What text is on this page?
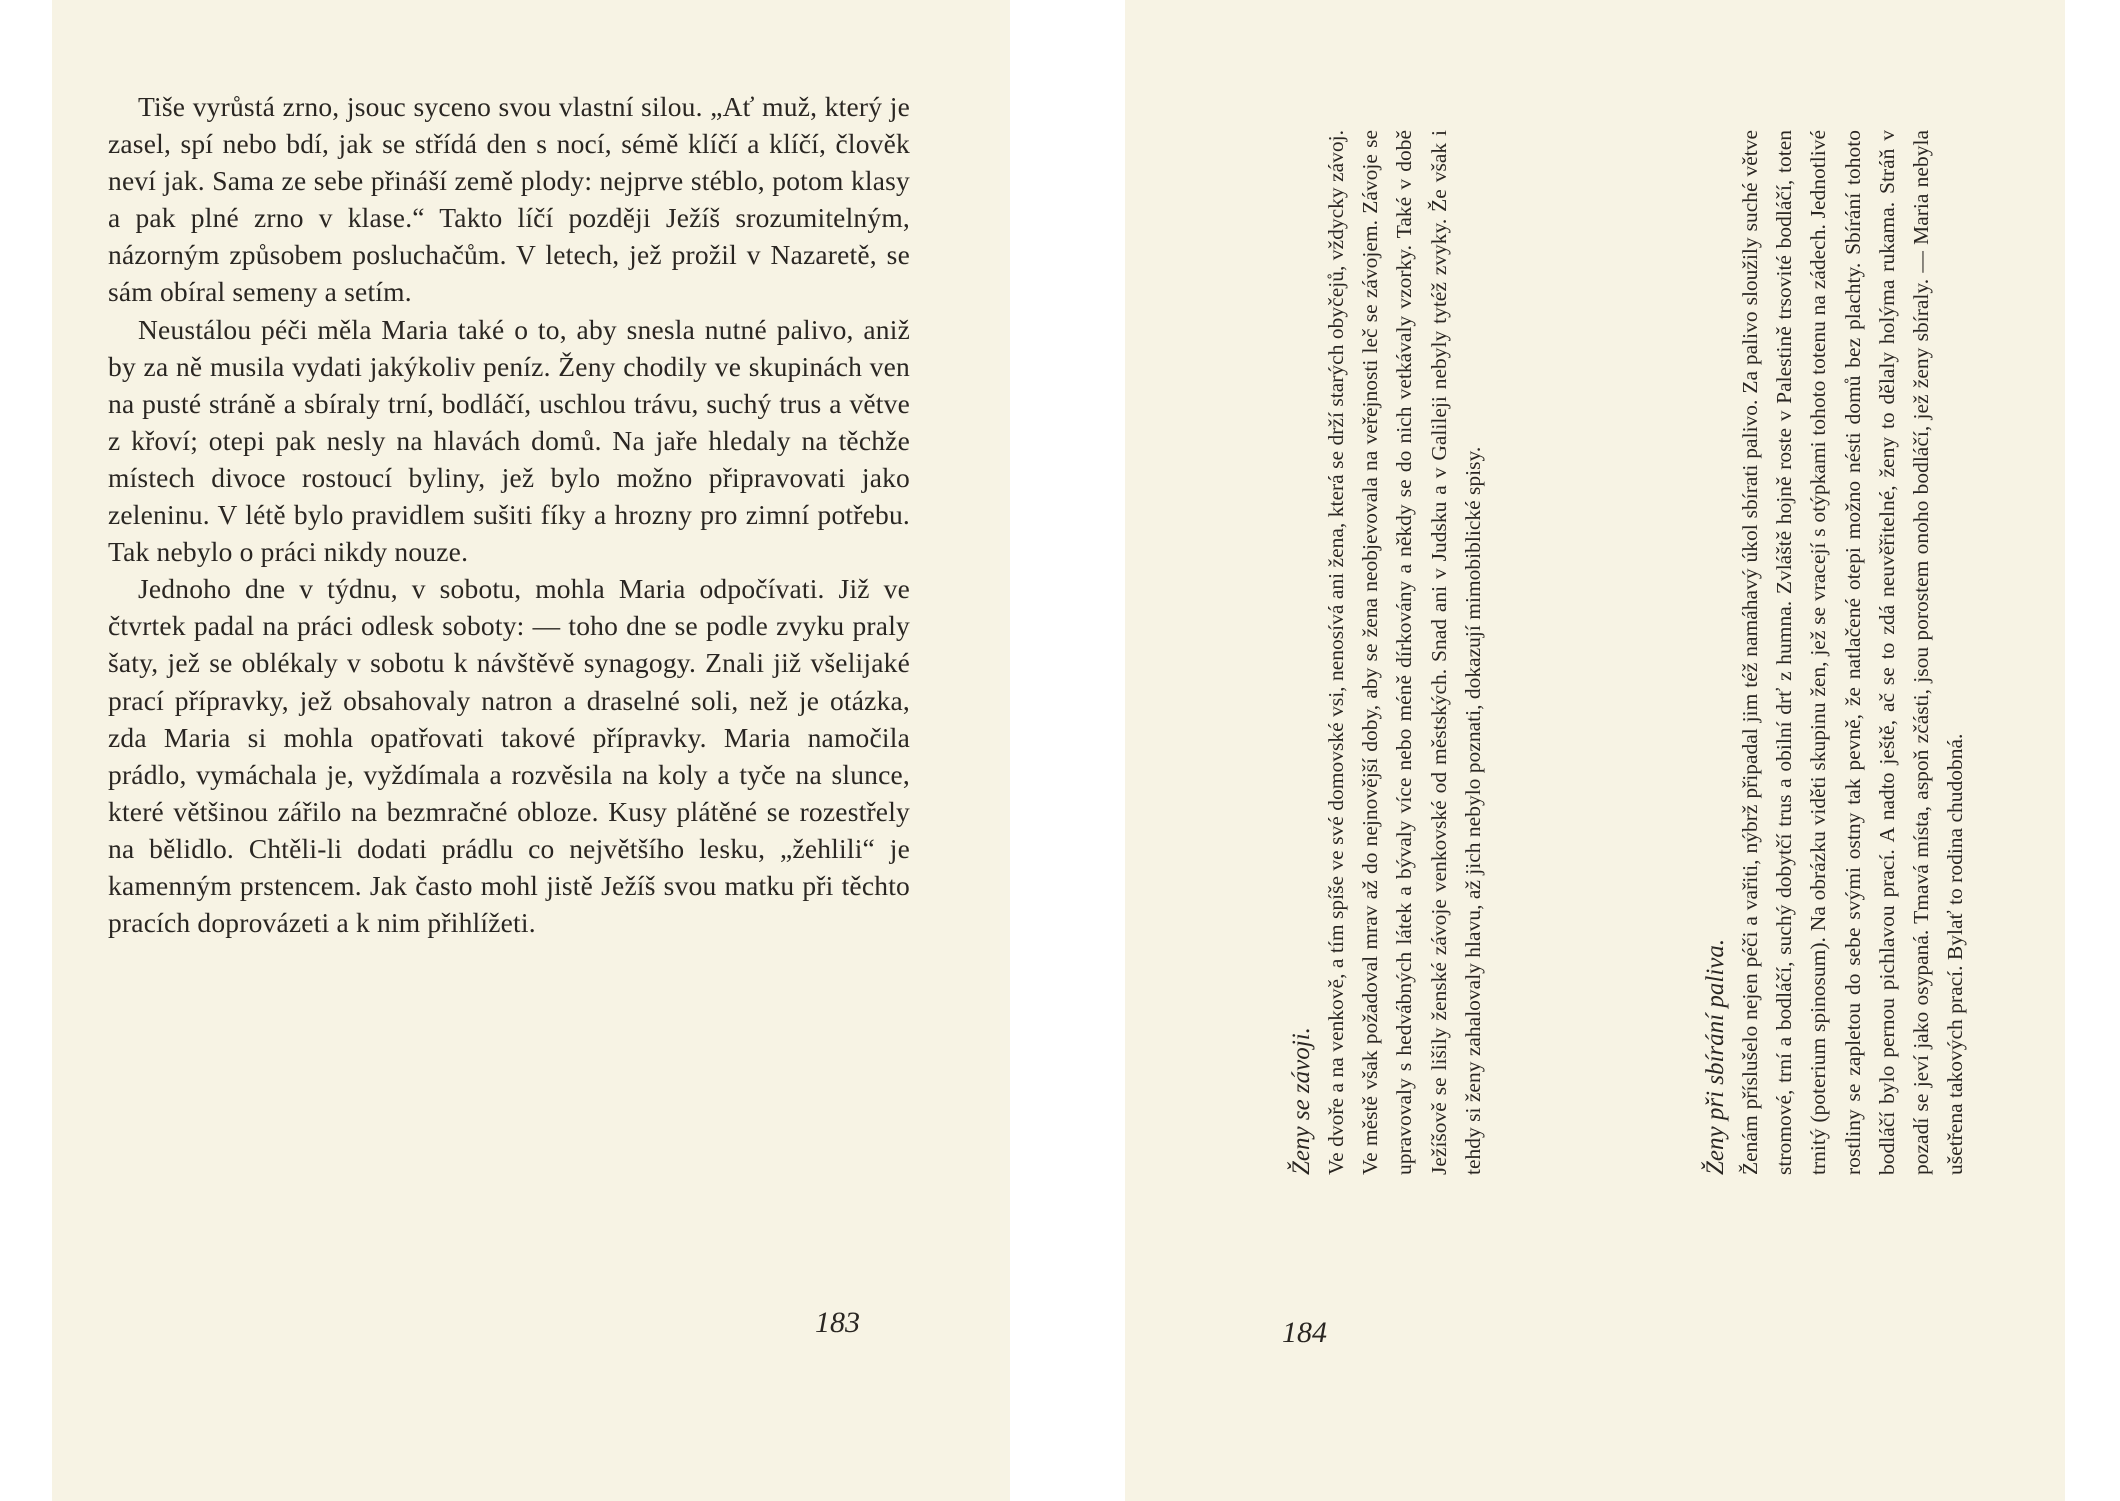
Tiše vyrůstá zrno, jsouc syceno svou vlastní silou. „Ať muž, který je zasel, spí nebo bdí, jak se střídá den s nocí, sémě klíčí a klíčí, člověk neví jak. Sama ze sebe přináší země plody: nejprve stéblo, potom klasy a pak plné zrno v klase.“ Takto líčí později Ježíš srozumitelným, názorným způsobem posluchačům. V letech, jež prožil v Nazaretě, se sám obíral semeny a setím.

Neustálou péči měla Maria také o to, aby snesla nutné palivo, aniž by za ně musila vydati jakýkoliv peníz. Ženy chodily ve skupinách ven na pusté stráně a sbíraly trní, bodláčí, uschlou trávu, suchý trus a větve z křoví; otepi pak nesly na hlavách domů. Na jaře hledaly na těchže místech divoce rostoucí byliny, jež bylo možno připravovati jako zeleninu. V létě bylo pravidlem sušiti fíky a hrozny pro zimní potřebu. Tak nebylo o práci nikdy nouze.

Jednoho dne v týdnu, v sobotu, mohla Maria odpočívati. Již ve čtvrtek padal na práci odlesk soboty: — toho dne se podle zvyku praly šaty, jež se oblékaly v sobotu k návštěvě synagogy. Znali již všelijaké prací přípravky, jež obsahovaly natron a draselné soli, než je otázka, zda Maria si mohla opatřovati takové přípravky. Maria namočila prádlo, vymáchala je, vyždímala a rozvěsila na koly a tyče na slunce, které většinou zářilo na bezmračné obloze. Kusy plátěné se rozestřely na bělidlo. Chtěli-li dodati prádlu co největšího lesku, „žehlili“ je kamenným prstencem. Jak často mohl jistě Ježíš svou matku při těchto pracích doprovázeti a k nim přihlížeti.

183
Ženy se závoji. Ve dvoře a na venkově, a tím spíše ve své domovské vsi, nenosívá ani žena, která se drží starých obyčejů, vždycky závoj. Ve městě však požadoval mrav až do nejnovější doby, aby se žena neobjevovala na veřejnosti leč se závojem. Závoje se upravovaly s hedvábných látek a bývaly více nebo méně dírkovány a někdy se do nich vetkávaly vzorky. Také v době Ježíšově se lišily ženské závoje venkovské od městských. Snad ani v Judsku a v Galileji nebyly tytéž zvyky. Že však i tehdy si ženy zahalovaly hlavu, až jich nebylo poznati, dokazují mimobiblické spisy.	Ženy při sbírání paliva. Ženám příslušelo nejen péči a vařiti, nýbrž připadal jim též namáhavý úkol sbírati palivo. Za palivo sloužily suché větve stromové, trní a bodláčí, suchý dobytčí trus a obilní drť z humna. Zvláště hojně roste v Palestině trsovité bodláčí, toten trnitý (poterium spinosum). Na obrázku viděti skupinu žen, jež se vracejí s otýpkami tohoto totenu na zádech. Jednotlivé rostliny se zapletou do sebe svými ostny tak pevně, že natlačené otepi možno nésti domů bez plachty. Sbírání tohoto bodláčí bylo pernou pichlavou prací. A nadto ještě, ač se to zdá neuvěřitelné, ženy to dělaly holýma rukama. Stráň v pozadí se jeví jako osypaná. Tmavá místa, aspoň zčásti, jsou porostem onoho bodláčí, jež ženy sbíraly. — Maria nebyla ušetřena takových prací. Bylať to rodina chudobná.

184
